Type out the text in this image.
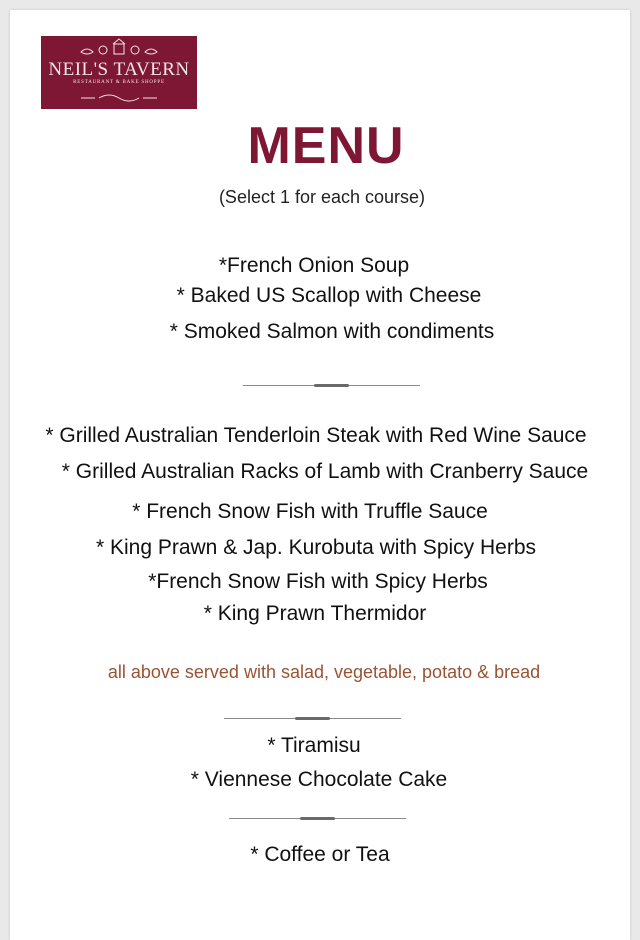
NEIL'S TAVERN
RESTAURANT & BAKE SHOPPE
MENU
(Select 1 for each course)
*French Onion Soup
* Baked US Scallop with Cheese
* Smoked Salmon with condiments
* Grilled Australian Tenderloin Steak with Red Wine Sauce
* Grilled Australian Racks of Lamb with Cranberry Sauce
* French Snow Fish with Truffle Sauce
* King Prawn & Jap. Kurobuta with Spicy Herbs
*French Snow Fish with Spicy Herbs
* King Prawn Thermidor
all above served with salad, vegetable, potato & bread
* Tiramisu
* Viennese Chocolate Cake
* Coffee or Tea
